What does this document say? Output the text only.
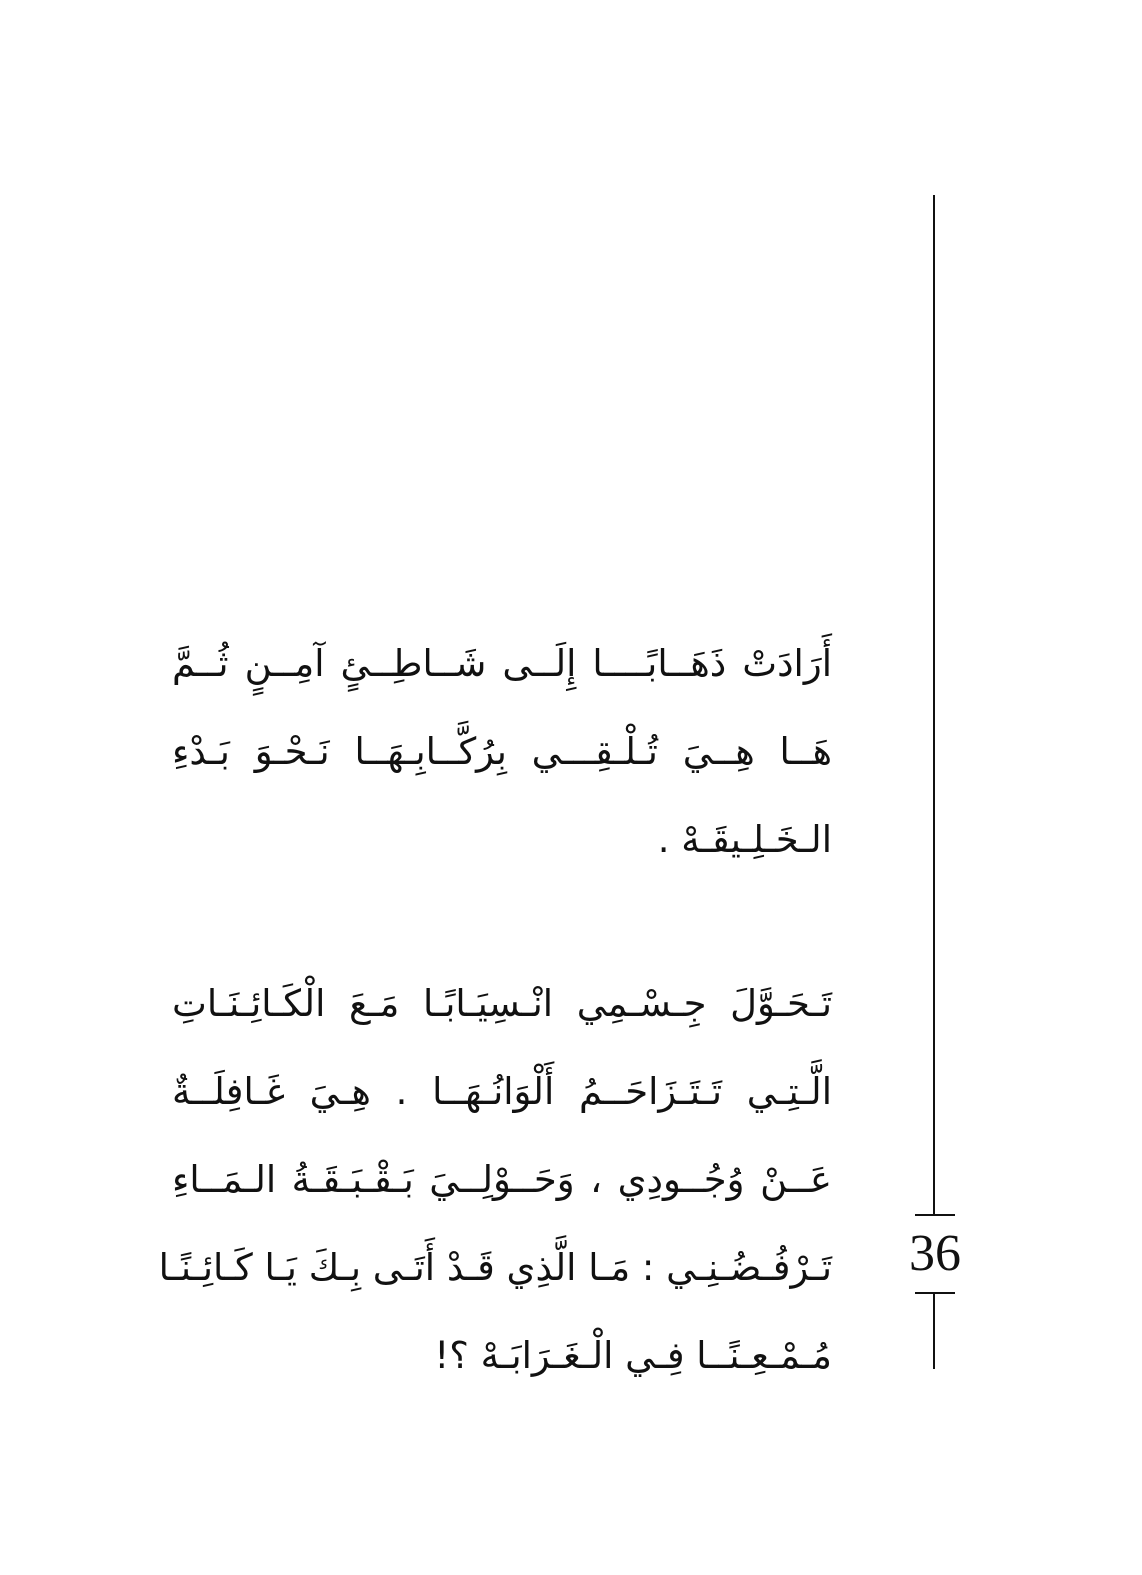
36
أَرَادَتْ ذَهَــابًــــا إِلَــى شَــاطِــئٍ آمِــنٍ ثُــمَّ
هَــا هِــيَ تُـلْـقِـــي بِرُكَّــابِـهَــا نَـحْـوَ بَـدْءِ
الـخَـلِـيقَـهْ .
تَـحَـوَّلَ جِـسْـمِي انْـسِيَـابًـا مَـعَ الْكَـائِـنَـاتِ
الَّـتِـي تَـتَـزَاحَــمُ أَلْوَانُـهَــا . هِـيَ غَـافِلَــةٌ
عَــنْ وُجُــودِي ، وَحَــوْلِــيَ بَـقْـبَـقَـةُ الـمَــاءِ
تَـرْفُـضُـنِـي : مَـا الَّذِي قَـدْ أَتَـى بِـكَ يَـا كَـائِـنًـا
مُـمْـعِـنًــا فِـي الْـغَـرَابَـهْ ؟!
